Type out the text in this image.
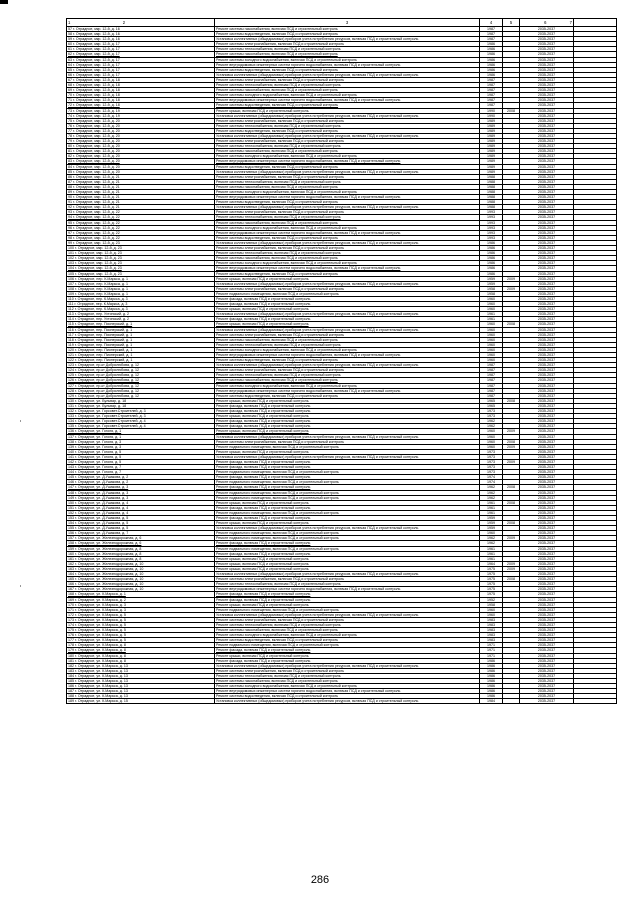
1 2	3	4	5	6 7	

57 г. Отрадное, мкр. 12-й, д. 16	Ремонт системы газоснабжения, включая ПСД и строительный контроль	1987		2035-2037	
58 г. Отрадное, мкр. 12-й, д. 16	Ремонт системы водоотведения, включая ПСД и строительный контроль	1987		2035-2037	
59 г. Отрадное, мкр. 12-й, д. 16	Установка коллективных (общедомовых) приборов учета потребления ресурсов, включая ПСД и строительный контроль	1987		2035-2037	
60 г. Отрадное, мкр. 12-й, д. 17	Ремонт системы электроснабжения, включая ПСД и строительный контроль	1986		2035-2037	
61 г. Отрадное, мкр. 12-й, д. 17	Ремонт системы теплоснабжения, включая ПСД и строительный контроль	1986		2035-2037	
62 г. Отрадное, мкр. 12-й, д. 17	Ремонт системы газоснабжения, включая ПСД и строительный контроль	1986		2035-2037	
63 г. Отрадное, мкр. 12-й, д. 17	Ремонт системы холодного водоснабжения, включая ПСД и строительный контроль	1986		2035-2037	
64 г. Отрадное, мкр. 12-й, д. 17	Ремонт внутридомовых инженерных систем горячего водоснабжения, включая ПСД и строительный контроль	1986		2035-2037	
65 г. Отрадное, мкр. 12-й, д. 17	Ремонт системы водоотведения, включая ПСД и строительный контроль	1986		2035-2037	
66 г. Отрадное, мкр. 12-й, д. 17	Установка коллективных (общедомовых) приборов учета потребления ресурсов, включая ПСД и строительный контроль	1986		2035-2037	
67 г. Отрадное, мкр. 12-й, д. 18	Ремонт системы электроснабжения, включая ПСД и строительный контроль	1987		2035-2037	
68 г. Отрадное, мкр. 12-й, д. 18	Ремонт системы теплоснабжения, включая ПСД и строительный контроль	1987		2035-2037	
69 г. Отрадное, мкр. 12-й, д. 18	Ремонт системы газоснабжения, включая ПСД и строительный контроль	1987		2035-2037	
70 г. Отрадное, мкр. 12-й, д. 18	Ремонт системы холодного водоснабжения, включая ПСД и строительный контроль	1987		2035-2037	
71 г. Отрадное, мкр. 12-й, д. 18	Ремонт внутридомовых инженерных систем горячего водоснабжения, включая ПСД и строительный контроль	1987		2035-2037	
72 г. Отрадное, мкр. 12-й, д. 18	Ремонт системы водоотведения, включая ПСД и строительный контроль	1987		2035-2037	
73 г. Отрадное, мкр. 12-й, д. 19	Ремонт крыши, включая ПСД и строительный контроль	1990	2008	2035-2037	
74 г. Отрадное, мкр. 12-й, д. 19	Установка коллективных (общедомовых) приборов учета потребления ресурсов, включая ПСД и строительный контроль	1990		2035-2037	
75 г. Отрадное, мкр. 12-й, д. 20	Ремонт системы электроснабжения, включая ПСД и строительный контроль	1989		2035-2037	
76 г. Отрадное, мкр. 12-й, д. 20	Ремонт системы теплоснабжения, включая ПСД и строительный контроль	1989		2035-2037	
77 г. Отрадное, мкр. 12-й, д. 20	Ремонт системы водоотведения, включая ПСД и строительный контроль	1989		2035-2037	
78 г. Отрадное, мкр. 12-й, д. 20	Установка коллективных (общедомовых) приборов учета потребления ресурсов, включая ПСД и строительный контроль	1989		2035-2037	
79 г. Отрадное, мкр. 12-й, д. 20	Ремонт системы электроснабжения, включая ПСД и строительный контроль	1989		2035-2037	
80 г. Отрадное, мкр. 12-й, д. 20	Ремонт системы теплоснабжения, включая ПСД и строительный контроль	1989		2035-2037	
81 г. Отрадное, мкр. 12-й, д. 20	Ремонт системы газоснабжения, включая ПСД и строительный контроль	1989		2035-2037	
82 г. Отрадное, мкр. 12-й, д. 20	Ремонт системы холодного водоснабжения, включая ПСД и строительный контроль	1989		2035-2037	
83 г. Отрадное, мкр. 12-й, д. 20	Ремонт внутридомовых инженерных систем горячего водоснабжения, включая ПСД и строительный контроль	1989		2035-2037	
84 г. Отрадное, мкр. 12-й, д. 20	Ремонт системы водоотведения, включая ПСД и строительный контроль	1989		2035-2037	
85 г. Отрадное, мкр. 12-й, д. 20	Установка коллективных (общедомовых) приборов учета потребления ресурсов, включая ПСД и строительный контроль	1989		2035-2037	
86 г. Отрадное, мкр. 12-й, д. 21	Ремонт системы электроснабжения, включая ПСД и строительный контроль	1988		2035-2037	
87 г. Отрадное, мкр. 12-й, д. 21	Ремонт системы теплоснабжения, включая ПСД и строительный контроль	1988		2035-2037	
88 г. Отрадное, мкр. 12-й, д. 21	Ремонт системы газоснабжения, включая ПСД и строительный контроль	1988		2035-2037	
89 г. Отрадное, мкр. 12-й, д. 21	Ремонт системы холодного водоснабжения, включая ПСД и строительный контроль	1988		2035-2037	
90 г. Отрадное, мкр. 12-й, д. 21	Ремонт внутридомовых инженерных систем горячего водоснабжения, включая ПСД и строительный контроль	1988		2035-2037	
91 г. Отрадное, мкр. 12-й, д. 21	Ремонт системы водоотведения, включая ПСД и строительный контроль	1988		2035-2037	
92 г. Отрадное, мкр. 12-й, д. 21	Установка коллективных (общедомовых) приборов учета потребления ресурсов, включая ПСД и строительный контроль	1988		2035-2037	
93 г. Отрадное, мкр. 12-й, д. 22	Ремонт системы электроснабжения, включая ПСД и строительный контроль	1993		2035-2037	
94 г. Отрадное, мкр. 12-й, д. 22	Ремонт системы теплоснабжения, включая ПСД и строительный контроль	1993		2035-2037	
95 г. Отрадное, мкр. 12-й, д. 22	Ремонт системы газоснабжения, включая ПСД и строительный контроль	1993		2035-2037	
96 г. Отрадное, мкр. 12-й, д. 22	Ремонт системы холодного водоснабжения, включая ПСД и строительный контроль	1993		2035-2037	
97 г. Отрадное, мкр. 12-й, д. 22	Ремонт внутридомовых инженерных систем горячего водоснабжения, включая ПСД и строительный контроль	1993		2035-2037	
98 г. Отрадное, мкр. 12-й, д. 22	Ремонт системы водоотведения, включая ПСД и строительный контроль	1993		2035-2037	
99 г. Отрадное, мкр. 12-й, д. 23	Установка коллективных (общедомовых) приборов учета потребления ресурсов, включая ПСД и строительный контроль	1986		2035-2037	
100 г. Отрадное, мкр. 12-й, д. 23	Ремонт системы электроснабжения, включая ПСД и строительный контроль	1986		2035-2037	
101 г. Отрадное, мкр. 12-й, д. 23	Ремонт системы теплоснабжения, включая ПСД и строительный контроль	1986		2035-2037	
102 г. Отрадное, мкр. 12-й, д. 23	Ремонт системы газоснабжения, включая ПСД и строительный контроль	1986		2035-2037	
103 г. Отрадное, мкр. 12-й, д. 23	Ремонт системы холодного водоснабжения, включая ПСД и строительный контроль	1986		2035-2037	
104 г. Отрадное, мкр. 12-й, д. 23	Ремонт внутридомовых инженерных систем горячего водоснабжения, включая ПСД и строительный контроль	1986		2035-2037	
105 г. Отрадное, мкр. 12-й, д. 23	Ремонт системы водоотведения, включая ПСД и строительный контроль	1986		2035-2037	
106 г. Отрадное, пер. К.Маркса, д. 1	Ремонт крыши, включая ПСД и строительный контроль	1959	2009	2035-2037	
107 г. Отрадное, пер. К.Маркса, д. 1	Установка коллективных (общедомовых) приборов учета потребления ресурсов, включая ПСД и строительный контроль	1959		2035-2037	
108 г. Отрадное, пер. К.Маркса, д. 1	Ремонт системы электроснабжения, включая ПСД и строительный контроль	1958	2009	2035-2037	
109 г. Отрадное, пер. К.Маркса, д. 1	Ремонт подвального помещения, включая ПСД и строительный контроль	1958		2035-2037	
110 г. Отрадное, пер. К.Маркса, д. 3	Ремонт фасада, включая ПСД и строительный контроль	1960		2035-2037	
111 г. Отрадное, пер. К.Маркса, д. 3	Ремонт фасада, включая ПСД и строительный контроль	1960		2035-2037	
112 г. Отрадное, пер. К.Маркса, д. 3	Ремонт крыши, включая ПСД и строительный контроль	1960		2035-2037	
113 г. Отрадное, пер. Ухтинский, д. 2	Установка коллективных (общедомовых) приборов учета потребления ресурсов, включая ПСД и строительный контроль	1961		2035-2037	
114 г. Отрадное, пер. Ухтинский, д. 2	Ремонт фасада, включая ПСД и строительный контроль	1961		2035-2037	
115 г. Отрадное, пер. Пионерский, д. 1	Ремонт крыши, включая ПСД и строительный контроль	1960	2008	2035-2037	
116 г. Отрадное, пер. Пионерский, д. 1	Установка коллективных (общедомовых) приборов учета потребления ресурсов, включая ПСД и строительный контроль	1960		2035-2037	
117 г. Отрадное, пер. Пионерский, д. 1	Ремонт системы электроснабжения, включая ПСД и строительный контроль	1960		2035-2037	
118 г. Отрадное, пер. Пионерский, д. 1	Ремонт системы газоснабжения, включая ПСД и строительный контроль	1960		2035-2037	
119 г. Отрадное, пер. Пионерский, д. 1	Ремонт системы теплоснабжения, включая ПСД и строительный контроль	1960		2035-2037	
120 г. Отрадное, пер. Пионерский, д. 1	Ремонт системы холодного водоснабжения, включая ПСД и строительный контроль	1960		2035-2037	
121 г. Отрадное, пер. Пионерский, д. 1	Ремонт внутридомовых инженерных систем горячего водоснабжения, включая ПСД и строительный контроль	1960		2035-2037	
122 г. Отрадное, пер. Пионерский, д. 1	Ремонт системы водоотведения, включая ПСД и строительный контроль	1960		2035-2037	
123 г. Отрадное, пр-кт Добролюбова, д. 12	Установка коллективных (общедомовых) приборов учета потребления ресурсов, включая ПСД и строительный контроль	1987		2035-2037	
124 г. Отрадное, пр-кт Добролюбова, д. 12	Ремонт системы электроснабжения, включая ПСД и строительный контроль	1987		2035-2037	
125 г. Отрадное, пр-кт Добролюбова, д. 12	Ремонт системы теплоснабжения, включая ПСД и строительный контроль	1987		2035-2037	
126 г. Отрадное, пр-кт Добролюбова, д. 12	Ремонт системы газоснабжения, включая ПСД и строительный контроль	1987		2035-2037	
127 г. Отрадное, пр-кт Добролюбова, д. 12	Ремонт системы холодного водоснабжения, включая ПСД и строительный контроль	1987		2035-2037	
128 г. Отрадное, пр-кт Добролюбова, д. 12	Ремонт внутридомовых инженерных систем горячего водоснабжения, включая ПСД и строительный контроль	1987		2035-2037	
129 г. Отрадное, пр-кт Добролюбова, д. 12	Ремонт системы водоотведения, включая ПСД и строительный контроль	1987		2035-2037	
130 г. Отрадное, ул. Бульвар, д. 18	Ремонт крыши, включая ПСД и строительный контроль	1965	2008	2035-2037	
131 г. Отрадное, ул. Бульвар, д. 18	Ремонт фасада, включая ПСД и строительный контроль	1965		2035-2037	
132 г. Отрадное, ул. Горсовет.Строителей, д. 3	Ремонт фасада, включая ПСД и строительный контроль	1973		2035-2037	
133 г. Отрадное, ул. Горсовет.Строителей, д. 3	Ремонт крыши, включая ПСД и строительный контроль	1973		2035-2037	
134 г. Отрадное, ул. Горсовет.Строителей, д. 4	Ремонт фасада, включая ПСД и строительный контроль	1962		2035-2037	
135 г. Отрадное, ул. Горсовет.Строителей, д. 4	Ремонт фасада, включая ПСД и строительный контроль	1962		2035-2037	
136 г. Отрадное, ул. Гоголя, д. 1	Ремонт крыши, включая ПСД и строительный контроль	1960	2009	2035-2037	
137 г. Отрадное, ул. Гоголя, д. 1	Установка коллективных (общедомовых) приборов учета потребления ресурсов, включая ПСД и строительный контроль	1960		2035-2037	
138 г. Отрадное, ул. Гоголя, д. 3	Ремонт системы электроснабжения, включая ПСД и строительный контроль	1960	2008	2035-2037	
139 г. Отрадное, ул. Гоголя, д. 3	Ремонт подвального помещения, включая ПСД и строительный контроль	1960	2009	2035-2037	
140 г. Отрадное, ул. Гоголя, д. 5	Ремонт крыши, включая ПСД и строительный контроль	1973		2035-2037	
141 г. Отрадное, ул. Гоголя, д. 5	Установка коллективных (общедомовых) приборов учета потребления ресурсов, включая ПСД и строительный контроль	1973		2035-2037	
142 г. Отрадное, ул. Гоголя, д. 5	Ремонт фасада, включая ПСД и строительный контроль	1973	2009	2035-2037	
143 г. Отрадное, ул. Гоголя, д. 7	Ремонт фасада, включая ПСД и строительный контроль	1973		2035-2037	
144 г. Отрадное, ул. Гоголя, д. 7	Ремонт подвального помещения, включая ПСД и строительный контроль	1973		2035-2037	
145 г. Отрадное, ул. Д.Ушакова, д. 2	Ремонт фасада, включая ПСД и строительный контроль	1974		2035-2037	
146 г. Отрадное, ул. Д.Ушакова, д. 2	Ремонт подвального помещения, включая ПСД и строительный контроль	1974		2035-2037	
147 г. Отрадное, ул. Д.Ушакова, д. 3	Ремонт фасада, включая ПСД и строительный контроль	1962	2008	2035-2037	
148 г. Отрадное, ул. Д.Ушакова, д. 3	Ремонт подвального помещения, включая ПСД и строительный контроль	1962		2035-2037	
149 г. Отрадное, ул. Д.Ушакова, д. 3	Ремонт подвального помещения, включая ПСД и строительный контроль	1962		2035-2037	
150 г. Отрадное, ул. Д.Ушакова, д. 4	Ремонт крыши, включая ПСД и строительный контроль	1961	2008	2035-2037	
151 г. Отрадное, ул. Д.Ушакова, д. 4	Ремонт фасада, включая ПСД и строительный контроль	1961		2035-2037	
152 г. Отрадное, ул. Д.Ушакова, д. 4	Ремонт подвального помещения, включая ПСД и строительный контроль	1961		2035-2037	
153 г. Отрадное, ул. Д.Ушакова, д. 5	Ремонт фасада, включая ПСД и строительный контроль	1959		2035-2037	
154 г. Отрадное, ул. Д.Ушакова, д. 5	Ремонт крыши, включая ПСД и строительный контроль	1959	2008	2035-2037	
155 г. Отрадное, ул. Д.Ушакова, д. 5	Установка коллективных (общедомовых) приборов учета потребления ресурсов, включая ПСД и строительный контроль	1959		2035-2037	
156 г. Отрадное, ул. Д.Ушакова, д. 7	Ремонт подвального помещения, включая ПСД и строительный контроль	1960		2035-2037	
157 г. Отрадное, ул. Железнодорожная, д. 6	Ремонт подвального помещения, включая ПСД и строительный контроль	1962	2009	2035-2037	
158 г. Отрадное, ул. Железнодорожная, д. 6	Ремонт фасада, включая ПСД и строительный контроль	1962		2035-2037	
159 г. Отрадное, ул. Железнодорожная, д. 8	Ремонт подвального помещения, включая ПСД и строительный контроль	1961		2035-2037	
160 г. Отрадное, ул. Железнодорожная, д. 8	Ремонт фасада, включая ПСД и строительный контроль	1961		2035-2037	
161 г. Отрадное, ул. Железнодорожная, д. 8	Ремонт крыши, включая ПСД и строительный контроль	1961		2035-2037	
162 г. Отрадное, ул. Железнодорожная, д. 10	Ремонт крыши, включая ПСД и строительный контроль	1964	2009	2035-2037	
163 г. Отрадное, ул. Железнодорожная, д. 10	Ремонт крыши, включая ПСД и строительный контроль	1975	2009	2035-2037	
164 г. Отрадное, ул. Железнодорожная, д. 10	Установка коллективных (общедомовых) приборов учета потребления ресурсов, включая ПСД и строительный контроль	1975		2035-2037	
165 г. Отрадное, ул. Железнодорожная, д. 10	Ремонт системы электроснабжения, включая ПСД и строительный контроль	1975	2008	2035-2037	
166 г. Отрадное, ул. Железнодорожная, д. 10	Ремонт системы теплоснабжения, включая ПСД и строительный контроль	1975		2035-2037	
167 г. Отрадное, ул. Железнодорожная, д. 10	Ремонт внутридомовых инженерных систем горячего водоснабжения, включая ПСД и строительный контроль	1975		2035-2037	
168 г. Отрадное, ул. К.Маркса, д. 1	Ремонт фасада, включая ПСД и строительный контроль	1975		2035-2037	
169 г. Отрадное, ул. К.Маркса, д. 2	Ремонт фасада, включая ПСД и строительный контроль	1952		2035-2037	
170 г. Отрадное, ул. К.Маркса, д. 3	Ремонт крыши, включая ПСД и строительный контроль	1958		2035-2037	
171 г. Отрадное, ул. К.Маркса, д. 3	Ремонт подвального помещения, включая ПСД и строительный контроль	1960		2035-2037	
172 г. Отрадное, ул. К.Маркса, д. 5	Установка коллективных (общедомовых) приборов учета потребления ресурсов, включая ПСД и строительный контроль	1960		2035-2037	
173 г. Отрадное, ул. К.Маркса, д. 5	Ремонт системы электроснабжения, включая ПСД и строительный контроль	1983		2035-2037	
174 г. Отрадное, ул. К.Маркса, д. 5	Ремонт системы теплоснабжения, включая ПСД и строительный контроль	1983		2035-2037	
175 г. Отрадное, ул. К.Маркса, д. 5	Ремонт системы газоснабжения, включая ПСД и строительный контроль	1983		2035-2037	
176 г. Отрадное, ул. К.Маркса, д. 5	Ремонт системы холодного водоснабжения, включая ПСД и строительный контроль	1983		2035-2037	
177 г. Отрадное, ул. К.Маркса, д. 5	Ремонт системы водоотведения, включая ПСД и строительный контроль	1983		2035-2037	
178 г. Отрадное, ул. К.Маркса, д. 8	Ремонт подвального помещения, включая ПСД и строительный контроль	1971		2035-2037	
179 г. Отрадное, ул. К.Маркса, д. 8	Ремонт фасада, включая ПСД и строительный контроль	1971		2035-2037	
180 г. Отрадное, ул. К.Маркса, д. 8	Ремонт крыши, включая ПСД и строительный контроль	1971		2035-2037	
181 г. Отрадное, ул. К.Маркса, д. 8	Ремонт фасада, включая ПСД и строительный контроль	1986		2035-2037	
182 г. Отрадное, ул. К.Маркса, д. 13	Установка коллективных (общедомовых) приборов учета потребления ресурсов, включая ПСД и строительный контроль	1986		2035-2037	
183 г. Отрадное, ул. К.Маркса, д. 13	Ремонт системы электроснабжения, включая ПСД и строительный контроль	1986		2035-2037	
184 г. Отрадное, ул. К.Маркса, д. 13	Ремонт системы теплоснабжения, включая ПСД и строительный контроль	1986		2035-2037	
185 г. Отрадное, ул. К.Маркса, д. 13	Ремонт системы газоснабжения, включая ПСД и строительный контроль	1986		2035-2037	
186 г. Отрадное, ул. К.Маркса, д. 13	Ремонт системы холодного водоснабжения, включая ПСД и строительный контроль	1986		2035-2037	
187 г. Отрадное, ул. К.Маркса, д. 13	Ремонт внутридомовых инженерных систем горячего водоснабжения, включая ПСД и строительный контроль	1986		2035-2037	
188 г. Отрадное, ул. К.Маркса, д. 13	Ремонт системы водоотведения, включая ПСД и строительный контроль	1986		2035-2037	
189 г. Отрадное, ул. К.Маркса, д. 15	Установка коллективных (общедомовых) приборов учета потребления ресурсов, включая ПСД и строительный контроль	1984		2035-2037	
286
